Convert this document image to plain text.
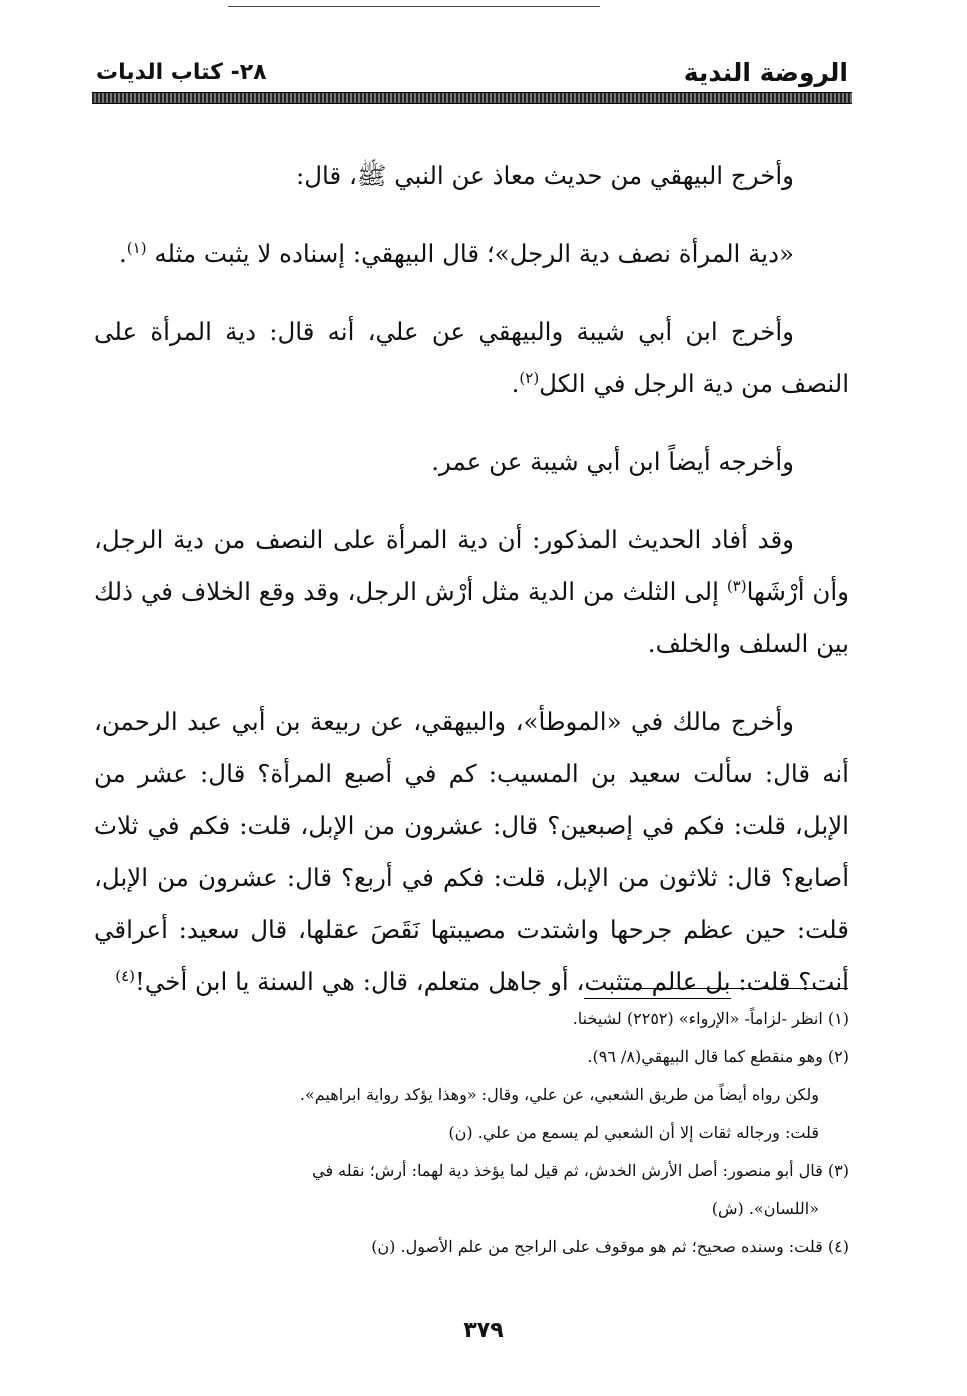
الروضة الندية
٢٨- كتاب الديات

وأخرج البيهقي من حديث معاذ عن النبي ﷺ، قال:

«دية المرأة نصف دية الرجل»؛ قال البيهقي: إسناده لا يثبت مثله $^{(١)}$.

وأخرج ابن أبي شيبة والبيهقي عن علي، أنه قال: دية المرأة على النصف من دية الرجل في الكل$^{(٢)}$.

وأخرجه أيضاً ابن أبي شيبة عن عمر.

وقد أفاد الحديث المذكور: أن دية المرأة على النصف من دية الرجل، وأن أرْشَها$^{(٣)}$ إلى الثلث من الدية مثل أرْش الرجل، وقد وقع الخلاف في ذلك بين السلف والخلف.

وأخرج مالك في «الموطأ»، والبيهقي، عن ربيعة بن أبي عبد الرحمن، أنه قال: سألت سعيد بن المسيب: كم في أصبع المرأة؟ قال: عشر من الإبل، قلت: فكم في إصبعين؟ قال: عشرون من الإبل، قلت: فكم في ثلاث أصابع؟ قال: ثلاثون من الإبل، قلت: فكم في أربع؟ قال: عشرون من الإبل، قلت: حين عظم جرحها واشتدت مصيبتها نَقَصَ عقلها، قال سعيد: أعراقي أنت؟ قلت: بل عالم متثبت، أو جاهل متعلم، قال: هي السنة يا ابن أخي!$^{(٤)}$

(١) انظر -لزاماً- «الإرواء» (٢٢٥٢) لشيخنا.

(٢) وهو منقطع كما قال البيهقي(٨/ ٩٦).

ولكن رواه أيضاً من طريق الشعبي، عن علي، وقال: «وهذا يؤكد رواية ابراهيم».

قلت: ورجاله ثقات إلا أن الشعبي لم يسمع من علي. (ن)

(٣) قال أبو منصور: أصل الأرش الخدش، ثم قيل لما يؤخذ دية لهما: أرش؛ نقله في

«اللسان». (ش)

(٤) قلت: وسنده صحيح؛ ثم هو موقوف على الراجح من علم الأصول. (ن)

٣٧٩
